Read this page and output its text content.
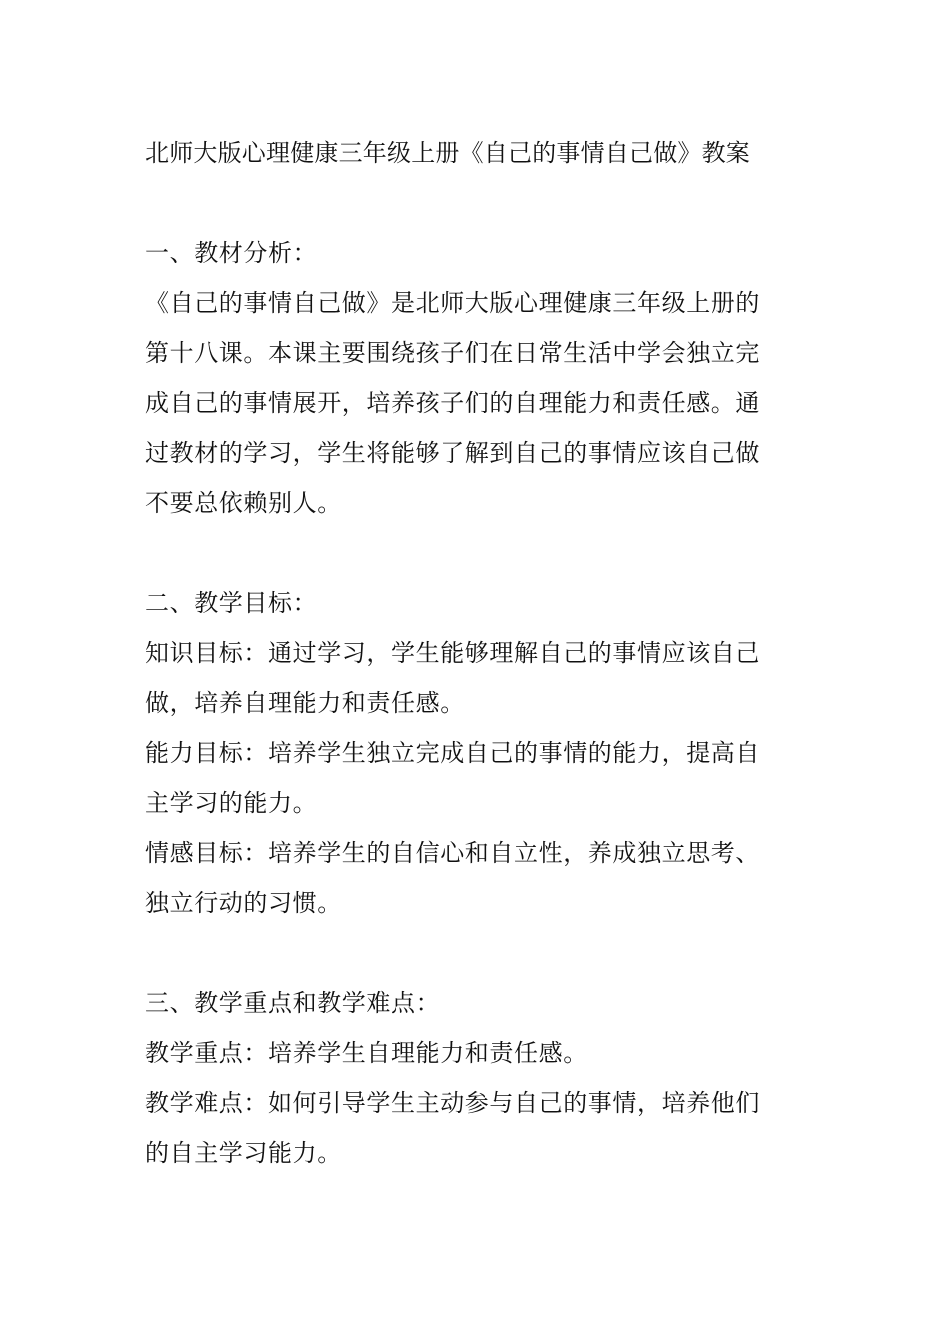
北师大版心理健康三年级上册《自己的事情自己做》教案
一、教材分析：
《自己的事情自己做》是北师大版心理健康三年级上册的
第十八课。本课主要围绕孩子们在日常生活中学会独立完
成自己的事情展开，培养孩子们的自理能力和责任感。通
过教材的学习，学生将能够了解到自己的事情应该自己做
不要总依赖别人。
二、教学目标：
知识目标：通过学习，学生能够理解自己的事情应该自己
做，培养自理能力和责任感。
能力目标：培养学生独立完成自己的事情的能力，提高自
主学习的能力。
情感目标：培养学生的自信心和自立性，养成独立思考、
独立行动的习惯。
三、教学重点和教学难点：
教学重点：培养学生自理能力和责任感。
教学难点：如何引导学生主动参与自己的事情，培养他们
的自主学习能力。
